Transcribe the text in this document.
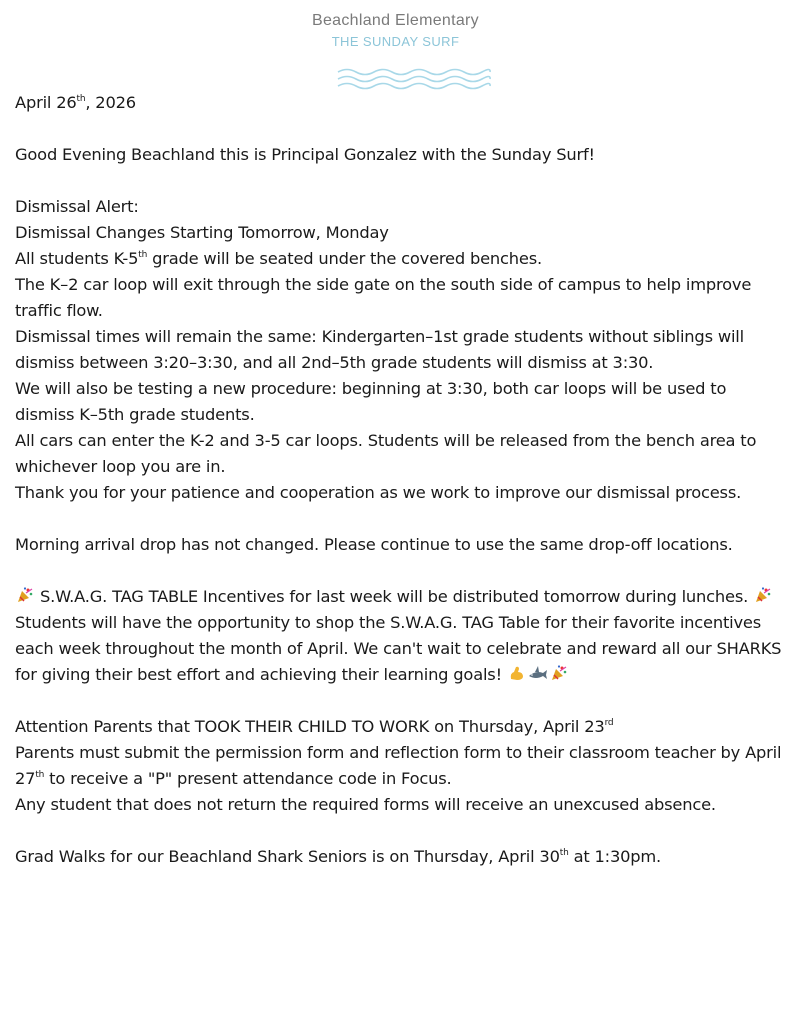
Beachland Elementary
THE SUNDAY SURF

April 26th, 2026

Good Evening Beachland this is Principal Gonzalez with the Sunday Surf!

Dismissal Alert:

Dismissal Changes Starting Tomorrow, Monday

All students K-5th grade will be seated under the covered benches.

The K–2 car loop will exit through the side gate on the south side of campus to help improve traffic flow.

Dismissal times will remain the same: Kindergarten–1st grade students without siblings will dismiss between 3:20–3:30, and all 2nd–5th grade students will dismiss at 3:30.

We will also be testing a new procedure: beginning at 3:30, both car loops will be used to dismiss K–5th grade students.

All cars can enter the K-2 and 3-5 car loops. Students will be released from the bench area to whichever loop you are in.

Thank you for your patience and cooperation as we work to improve our dismissal process.

Morning arrival drop has not changed. Please continue to use the same drop-off locations.

S.W.A.G. TAG TABLE Incentives for last week will be distributed tomorrow during lunches.

Students will have the opportunity to shop the S.W.A.G. TAG Table for their favorite incentives each week throughout the month of April. We can't wait to celebrate and reward all our SHARKS for giving their best effort and achieving their learning goals!

Attention Parents that TOOK THEIR CHILD TO WORK on Thursday, April 23rd

Parents must submit the permission form and reflection form to their classroom teacher by April 27th to receive a "P" present attendance code in Focus.

Any student that does not return the required forms will receive an unexcused absence.

Grad Walks for our Beachland Shark Seniors is on Thursday, April 30th at 1:30pm.
